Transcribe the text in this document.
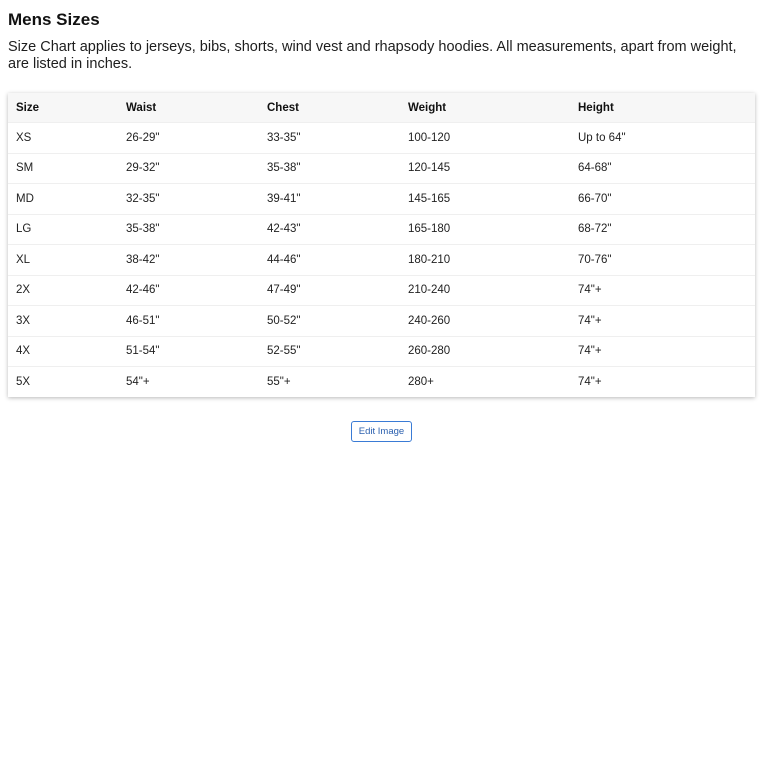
Mens Sizes

Size Chart applies to jerseys, bibs, shorts, wind vest and rhapsody hoodies. All measurements, apart from weight, are listed in inches.

Size	Waist	Chest	Weight	Height
XS	26-29"	33-35"	100-120	Up to 64"
SM	29-32"	35-38"	120-145	64-68"
MD	32-35"	39-41"	145-165	66-70"
LG	35-38"	42-43"	165-180	68-72"
XL	38-42"	44-46"	180-210	70-76"
2X	42-46"	47-49"	210-240	74"+
3X	46-51"	50-52"	240-260	74"+
4X	51-54"	52-55"	260-280	74"+
5X	54"+	55"+	280+	74"+
Edit Image
